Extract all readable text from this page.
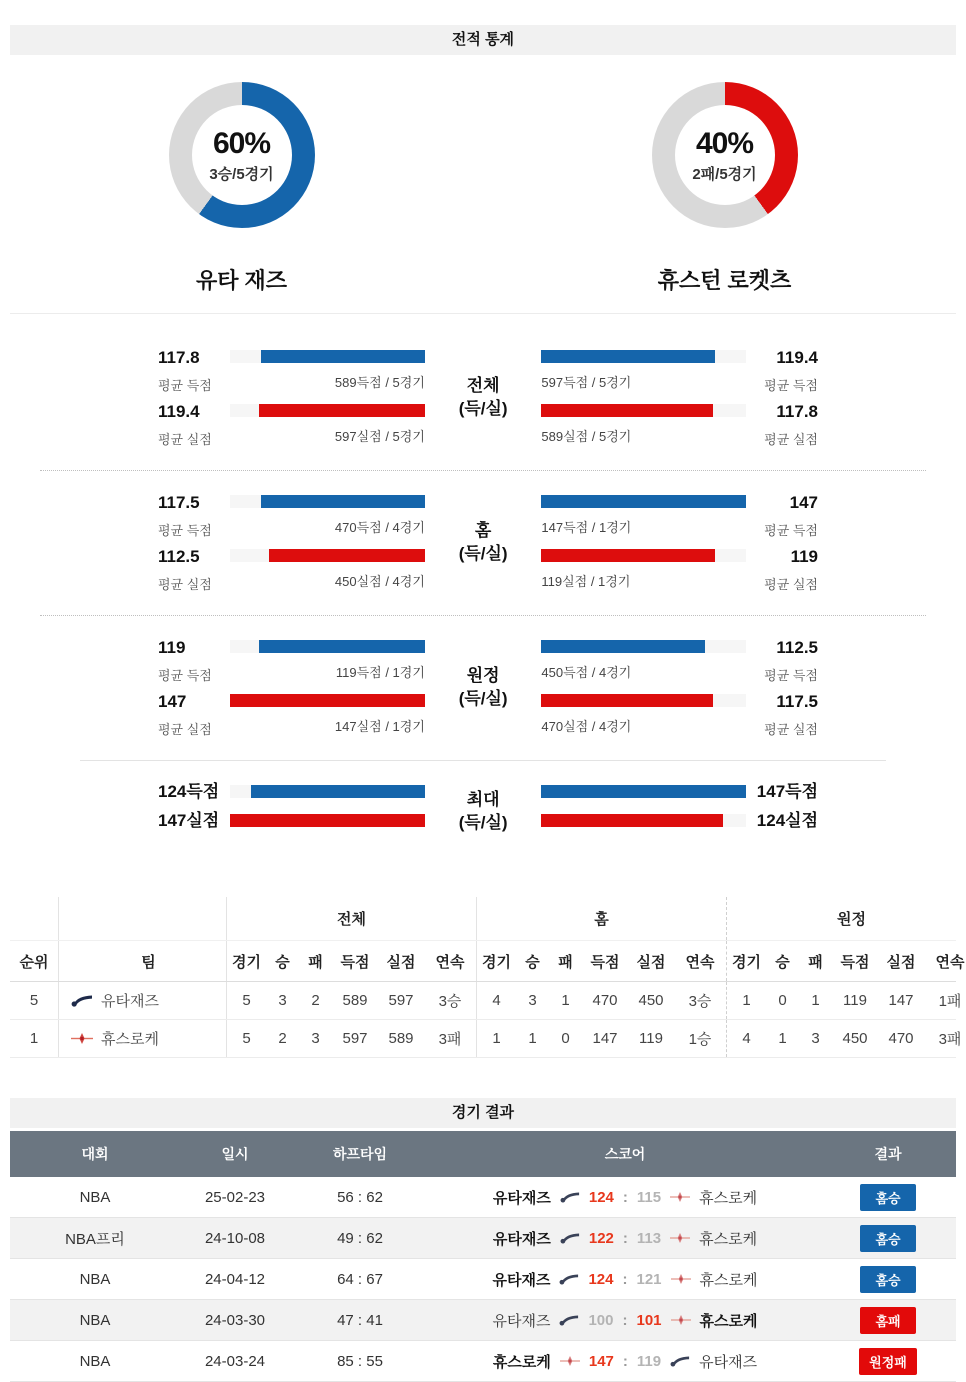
전적 통계
60%
3승/5경기
유타 재즈
40%
2패/5경기
휴스턴 로켓츠
117.8
평균 득점	589득점 / 5경기
119.4
평균 실점	597실점 / 5경기
전체
(득/실)
597득점 / 5경기
119.4
평균 득점
589실점 / 5경기
117.8
평균 실점
117.5
평균 득점	470득점 / 4경기
112.5
평균 실점	450실점 / 4경기
홈
(득/실)
147득점 / 1경기
147
평균 득점
119실점 / 1경기
119
평균 실점
119
평균 득점	119득점 / 1경기
147
평균 실점	147실점 / 1경기
원정
(득/실)
450득점 / 4경기
112.5
평균 득점
470실점 / 4경기
117.5
평균 실점
124득점
147실점
최대
(득/실)
147득점
124실점
전체	홈	원정
순위	팀	경기 승	패	득점	실점	연속	경기 승	패	득점	실점	연속	경기 승	패	득점	실점	연속
5	유타재즈	5	3	2	589	597	3승	4	3	1	470	450	3승	1	0	1	119	147	1패
1	휴스로케	5	2	3	597	589	3패	1	1	0	147	119	1승	4	1	3	450	470	3패
경기 결과
대회	일시	하프타임	스코어	결과
NBA	25-02-23	56 : 62	유타재즈	124 : 115	휴스로케	홈승
NBA프리	24-10-08	49 : 62	유타재즈	122 : 113	휴스로케	홈승
NBA	24-04-12	64 : 67	유타재즈	124 : 121	휴스로케	홈승
NBA	24-03-30	47 : 41	유타재즈	100 : 101	휴스로케	홈패
NBA	24-03-24	85 : 55	휴스로케	147 : 119	유타재즈	원정패
